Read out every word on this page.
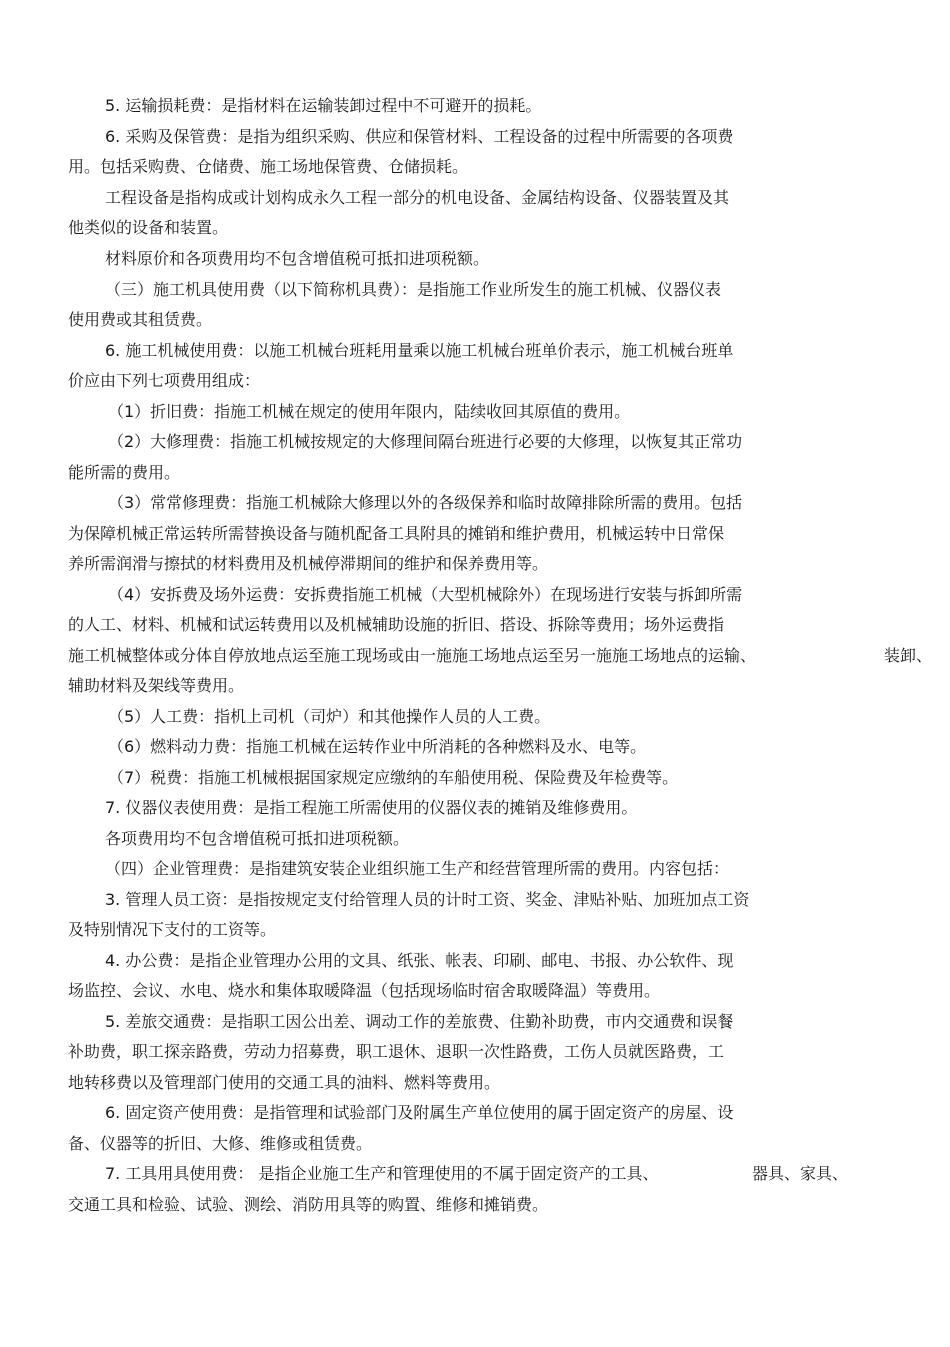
5. 运输损耗费：是指材料在运输装卸过程中不可避开的损耗。
6. 采购及保管费：是指为组织采购、供应和保管材料、工程设备的过程中所需要的各项费
用。包括采购费、仓储费、施工场地保管费、仓储损耗。
工程设备是指构成或计划构成永久工程一部分的机电设备、金属结构设备、仪器装置及其
他类似的设备和装置。
材料原价和各项费用均不包含增值税可抵扣进项税额。
（三）施工机具使用费（以下简称机具费）：是指施工作业所发生的施工机械、仪器仪表
使用费或其租赁费。
6. 施工机械使用费：以施工机械台班耗用量乘以施工机械台班单价表示，施工机械台班单
价应由下列七项费用组成：
（1）折旧费：指施工机械在规定的使用年限内，陆续收回其原值的费用。
（2）大修理费：指施工机械按规定的大修理间隔台班进行必要的大修理，以恢复其正常功
能所需的费用。
（3）常常修理费：指施工机械除大修理以外的各级保养和临时故障排除所需的费用。包括
为保障机械正常运转所需替换设备与随机配备工具附具的摊销和维护费用，机械运转中日常保
养所需润滑与擦拭的材料费用及机械停滞期间的维护和保养费用等。
（4）安拆费及场外运费：安拆费指施工机械（大型机械除外）在现场进行安装与拆卸所需
的人工、材料、机械和试运转费用以及机械辅助设施的折旧、搭设、拆除等费用；场外运费指
施工机械整体或分体自停放地点运至施工现场或由一施施工场地点运至另一施施工场地点的运输、	装卸、
辅助材料及架线等费用。
（5）人工费：指机上司机（司炉）和其他操作人员的人工费。
（6）燃料动力费：指施工机械在运转作业中所消耗的各种燃料及水、电等。
（7）税费：指施工机械根据国家规定应缴纳的车船使用税、保险费及年检费等。
7. 仪器仪表使用费：是指工程施工所需使用的仪器仪表的摊销及维修费用。
各项费用均不包含增值税可抵扣进项税额。
（四）企业管理费：是指建筑安装企业组织施工生产和经营管理所需的费用。内容包括：
3. 管理人员工资：是指按规定支付给管理人员的计时工资、奖金、津贴补贴、加班加点工资
及特别情况下支付的工资等。
4. 办公费：是指企业管理办公用的文具、纸张、帐表、印刷、邮电、书报、办公软件、现
场监控、会议、水电、烧水和集体取暖降温（包括现场临时宿舍取暖降温）等费用。
5. 差旅交通费：是指职工因公出差、调动工作的差旅费、住勤补助费，市内交通费和误餐
补助费，职工探亲路费，劳动力招募费，职工退休、退职一次性路费，工伤人员就医路费，工
地转移费以及管理部门使用的交通工具的油料、燃料等费用。
6. 固定资产使用费：是指管理和试验部门及附属生产单位使用的属于固定资产的房屋、设
备、仪器等的折旧、大修、维修或租赁费。
7. 工具用具使用费： 是指企业施工生产和管理使用的不属于固定资产的工具、	器具、家具、
交通工具和检验、试验、测绘、消防用具等的购置、维修和摊销费。
